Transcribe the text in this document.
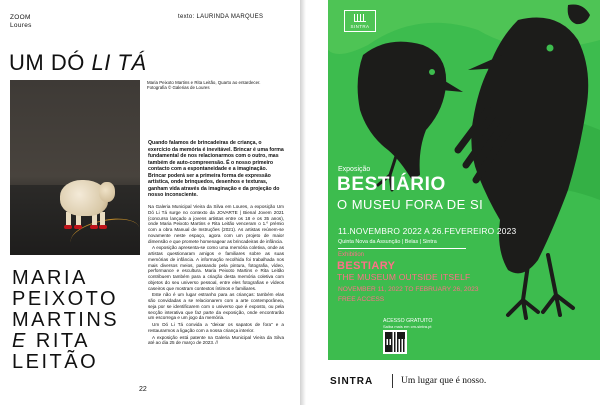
ZOOM
Loures
texto: LAURINDA MARQUES
UM DÓ LI TÁ
Maria Peixoto Martins e Rita Leitão, Quarto ao entardecer. Fotografia © Galerias de Loures
Quando falamos de brincadeiras de criança, o exercício da memória é inevitável. Brincar é uma forma fundamental de nos relacionarmos com o outro, mas também de auto-compreensão. É o nosso primeiro contacto com a espontaneidade e a imaginação. Brincar poderá ser a primeira forma de expressão artística, onde brinquedos, desenhos e texturas, ganham vida através da imaginação e da projeção do nosso inconsciente.

Na Galeria Municipal Vieira da Silva em Loures, a exposição Um Dó Li Tá surge no contexto da JOVARTE | Bienal Jovem 2021 (concurso lançado a jovens artistas entre os 18 e os 35 anos), onde Maria Peixoto Martins e Rita Leitão venceram o 1.º prémio com a obra Manual de Instruções (2021). As artistas reúnem-se novamente neste espaço, agora com um projeto de maior dimensão e que promete homenagear as brincadeiras de infância.

A exposição apresenta-se como uma memória coletiva, onde as artistas questionaram amigos e familiares sobre as suas memórias de infância. A informação recolhida foi trabalhada nos mais diversos meios, passando pela pintura, fotografia, vídeo, performance e escultura. Maria Peixoto Martins e Rita Leitão contribuem também para a criação desta memória coletiva com objetos do seu universo pessoal, entre eles fotografias e vídeos caseiros que mostram contextos íntimos e familiares.

Este não é um lugar estranho para as crianças: também elas são convidadas a se relacionarem com a arte contemporânea, seja por se identificarem com o universo que é exposto, ou pela secção interativa que faz parte da exposição, onde encontrarão um escorrega e um jogo da memória.

Um Dó Li Tá convida a "deixar os sapatos de fora" e a restaurarmos a ligação com a nossa criança interior.

A exposição está patente na Galeria Municipal Vieira da Silva até ao dia 25 de março de 2023. //

MARIA
PEIXOTO
MARTINS
E RITA
LEITÃO
22
SINTRA
Exposição
BESTIÁRIO
O MUSEU FORA DE SI
11.NOVEMBRO 2022 A 26.FEVEREIRO 2023
Quinta Nova da Assunção | Belas | Sintra
Exhibition
BESTIARY
THE MUSEUM OUTSIDE ITSELF
NOVEMBER 11, 2022 TO FEBRUARY 26, 2023
FREE ACCESS
ACESSO GRATUITO
Saiba mais em cm-sintra.pt
SINTRA	Um lugar que é nosso.
